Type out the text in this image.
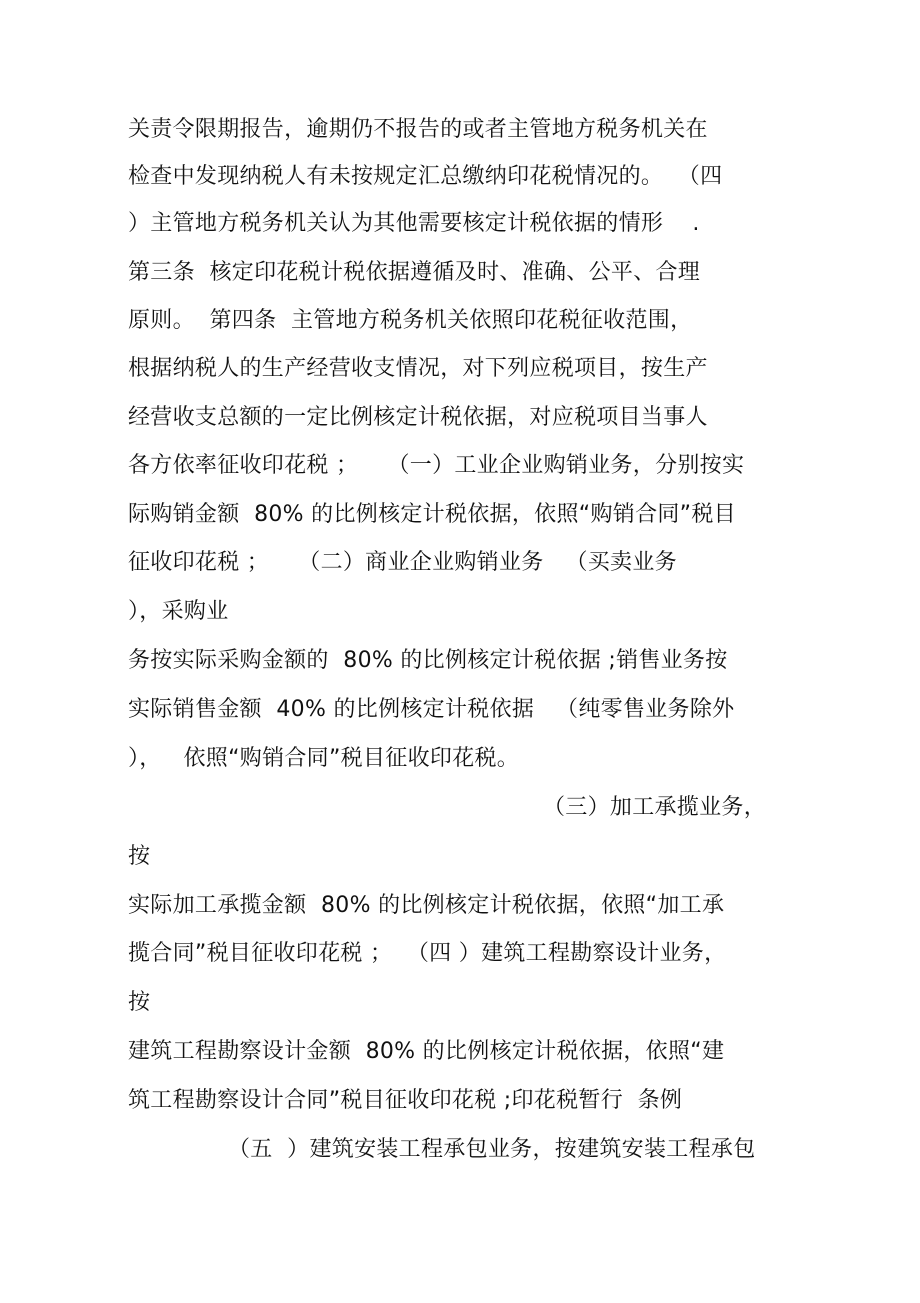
关责令限期报告，逾期仍不报告的或者主管地方税务机关在
检查中发现纳税人有未按规定汇总缴纳印花税情况的。  （四
）主管地方税务机关认为其他需要核定计税依据的情形    .
第三条  核定印花税计税依据遵循及时、准确、公平、合理
原则。  第四条  主管地方税务机关依照印花税征收范围，
根据纳税人的生产经营收支情况，对下列应税项目，按生产
经营收支总额的一定比例核定计税依据，对应税项目当事人
各方依率征收印花税 ；    （一）工业企业购销业务，分别按实
际购销金额  80% 的比例核定计税依据，依照“购销合同”税目
征收印花税 ；    （二）商业企业购销业务   （买卖业务
），采购业
务按实际采购金额的  80% 的比例核定计税依据 ;销售业务按
实际销售金额  40% 的比例核定计税依据   （纯零售业务除外
），   依照“购销合同”税目征收印花税。
（三）加工承揽业务，
按
实际加工承揽金额  80% 的比例核定计税依据，依照“加工承
揽合同”税目征收印花税 ；  （四 ）建筑工程勘察设计业务，
按
建筑工程勘察设计金额  80% 的比例核定计税依据，依照“建
筑工程勘察设计合同”税目征收印花税 ;印花税暂行  条例
（五  ）建筑安装工程承包业务，按建筑安装工程承包
